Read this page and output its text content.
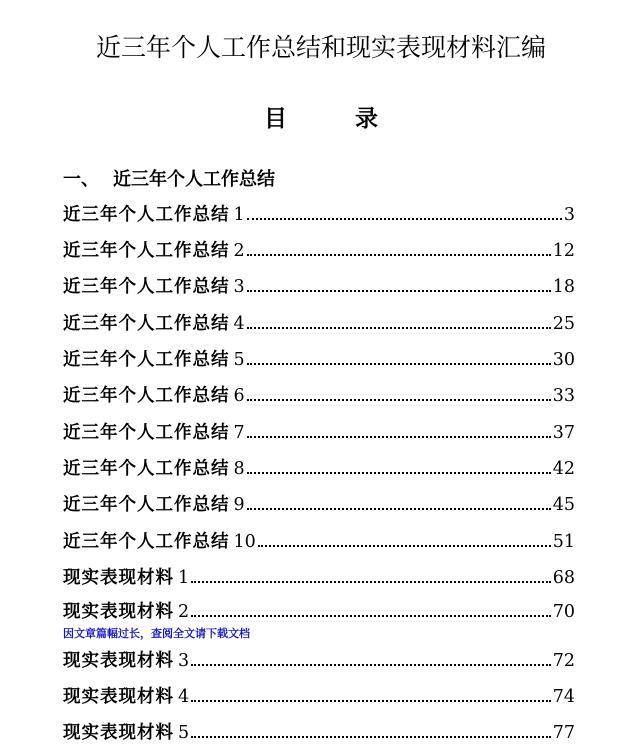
近三年个人工作总结和现实表现材料汇编
目 录
一、 近三年个人工作总结
近三年个人工作总结 1	3
近三年个人工作总结 2	12
近三年个人工作总结 3	18
近三年个人工作总结 4	25
近三年个人工作总结 5	30
近三年个人工作总结 6	33
近三年个人工作总结 7	37
近三年个人工作总结 8	42
近三年个人工作总结 9	45
近三年个人工作总结 10	51
现实表现材料 1	68
现实表现材料 2	70
现实表现材料 3	72
现实表现材料 4	74
现实表现材料 5	77
因文章篇幅过长，查阅全文请下载文档
